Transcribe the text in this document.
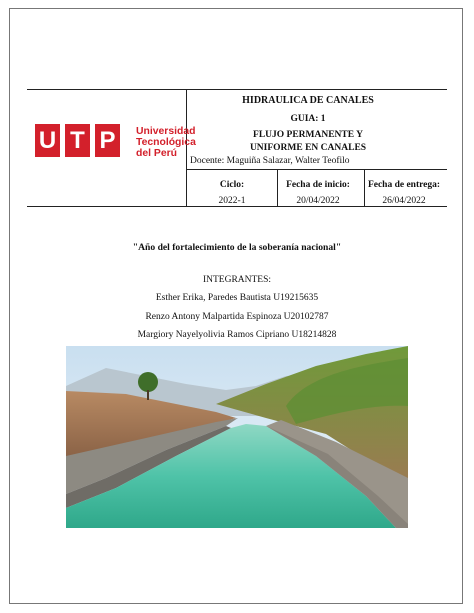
HIDRAULICA DE CANALES
GUIA: 1
FLUJO PERMANENTE Y
UNIFORME EN CANALES
Docente: Maguiña Salazar, Walter Teofilo
Ciclo:
2022-1
Fecha de inicio:
20/04/2022
Fecha de entrega:
26/04/2022
U T P	Universidad
Tecnológica
del Perú
"Año del fortalecimiento de la soberanía nacional"
INTEGRANTES:
Esther Erika, Paredes Bautista U19215635
Renzo Antony Malpartida Espinoza U20102787
Margiory Nayelyolivia Ramos Cipriano U18214828
